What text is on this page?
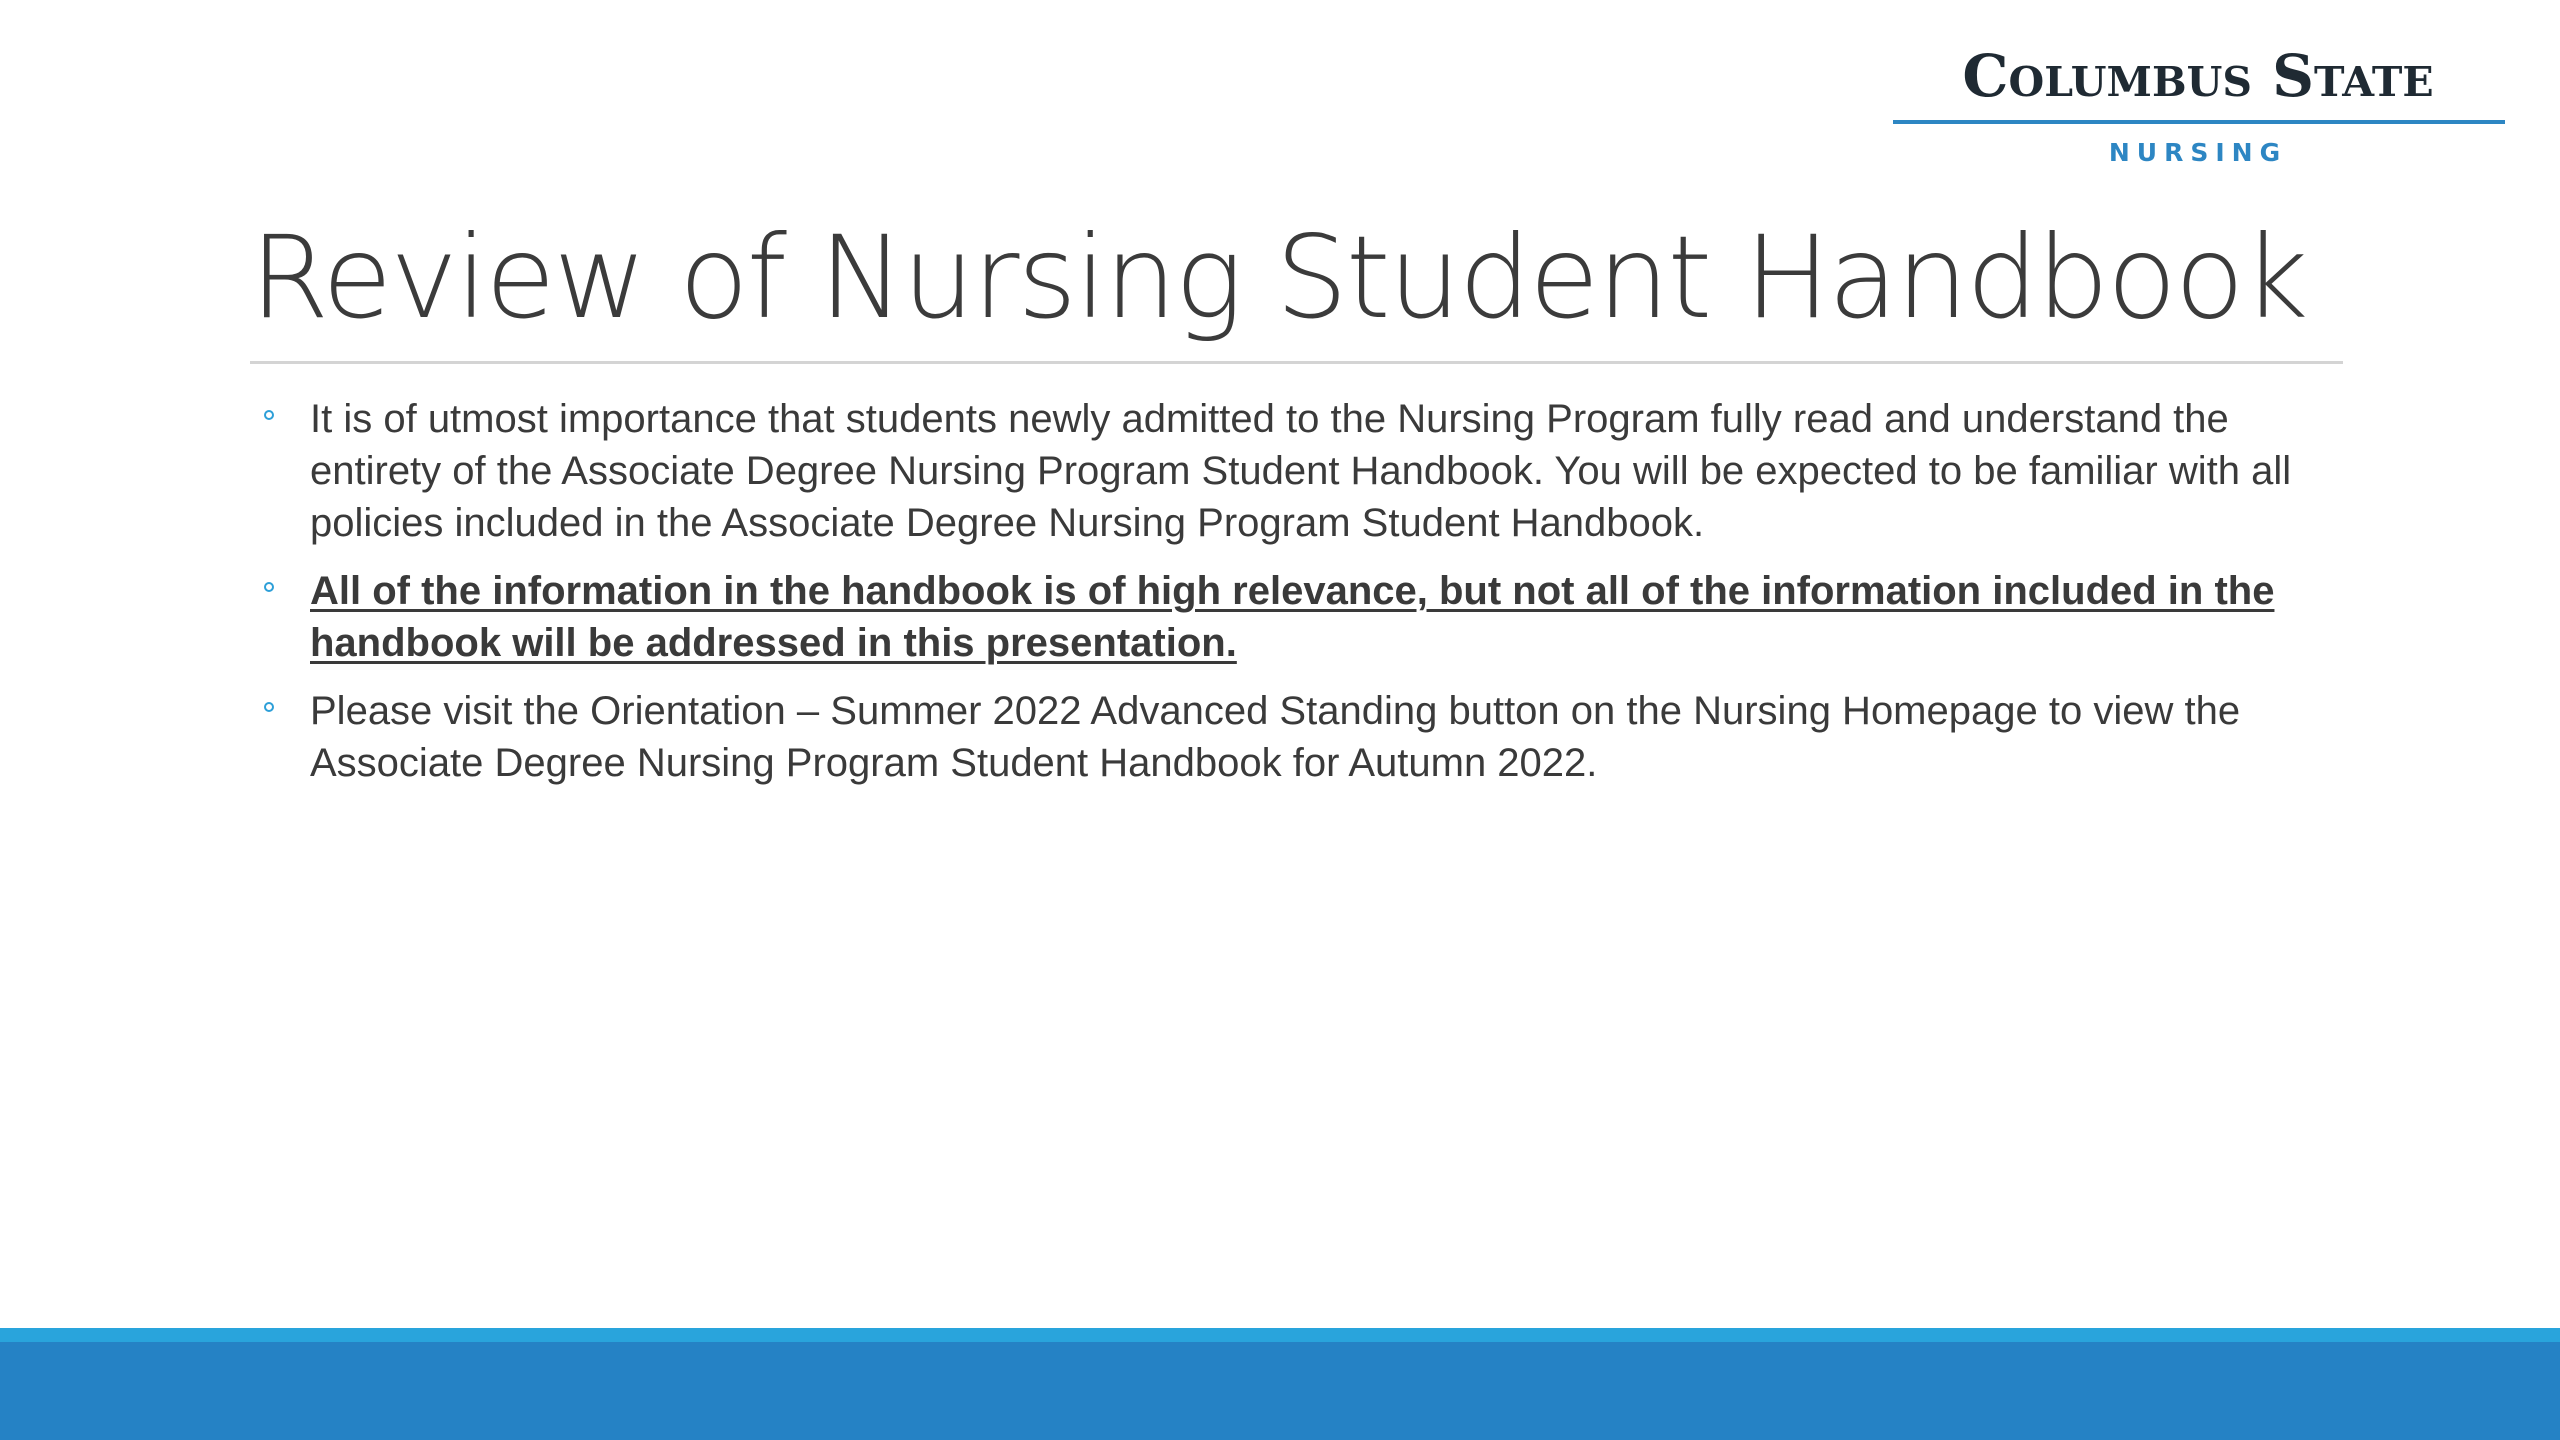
Columbus State
NURSING
Review of Nursing Student Handbook
It is of utmost importance that students newly admitted to the Nursing Program fully read and understand the entirety of the Associate Degree Nursing Program Student Handbook. You will be expected to be familiar with all policies included in the Associate Degree Nursing Program Student Handbook.
All of the information in the handbook is of high relevance, but not all of the information included in the handbook will be addressed in this presentation.
Please visit the Orientation – Summer 2022 Advanced Standing button on the Nursing Homepage to view the Associate Degree Nursing Program Student Handbook for Autumn 2022.
